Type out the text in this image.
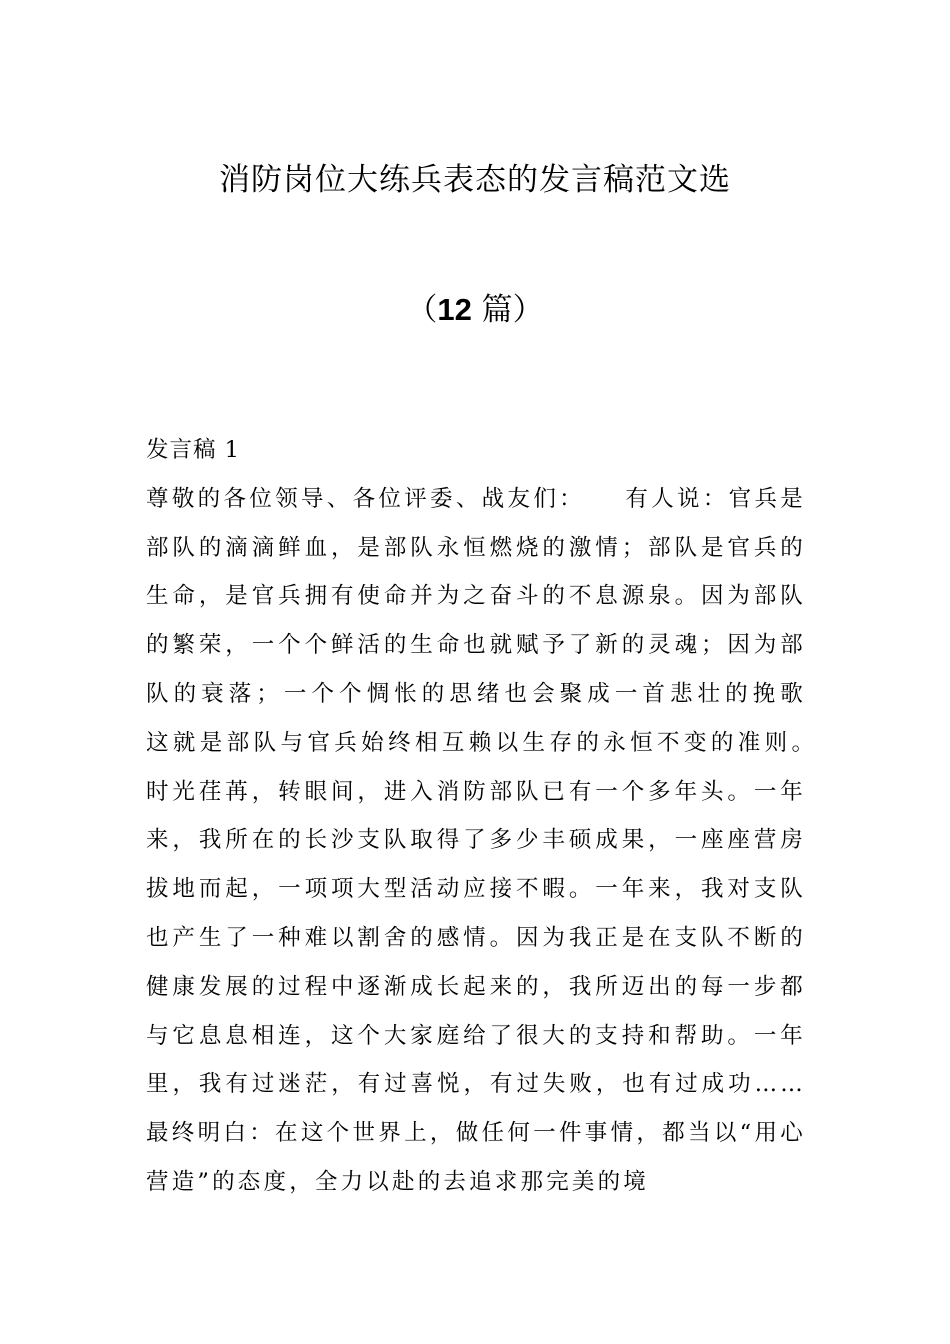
消防岗位大练兵表态的发言稿范文选
（12 篇）

发言稿 1

尊敬的各位领导、各位评委、战友们：　　有人说：官兵是部队的滴滴鲜血，是部队永恒燃烧的激情；部队是官兵的生命，是官兵拥有使命并为之奋斗的不息源泉。因为部队的繁荣，一个个鲜活的生命也就赋予了新的灵魂；因为部队的衰落；一个个惆怅的思绪也会聚成一首悲壮的挽歌　　这就是部队与官兵始终相互赖以生存的永恒不变的准则。　　时光荏苒，转眼间，进入消防部队已有一个多年头。一年来，我所在的长沙支队取得了多少丰硕成果，一座座营房拔地而起，一项项大型活动应接不暇。一年来，我对支队也产生了一种难以割舍的感情。因为我正是在支队不断的健康发展的过程中逐渐成长起来的，我所迈出的每一步都与它息息相连，这个大家庭给了很大的支持和帮助。一年里，我有过迷茫，有过喜悦，有过失败，也有过成功……最终明白：在这个世界上，做任何一件事情，都当以“用心营造”的态度，全力以赴的去追求那完美的境
